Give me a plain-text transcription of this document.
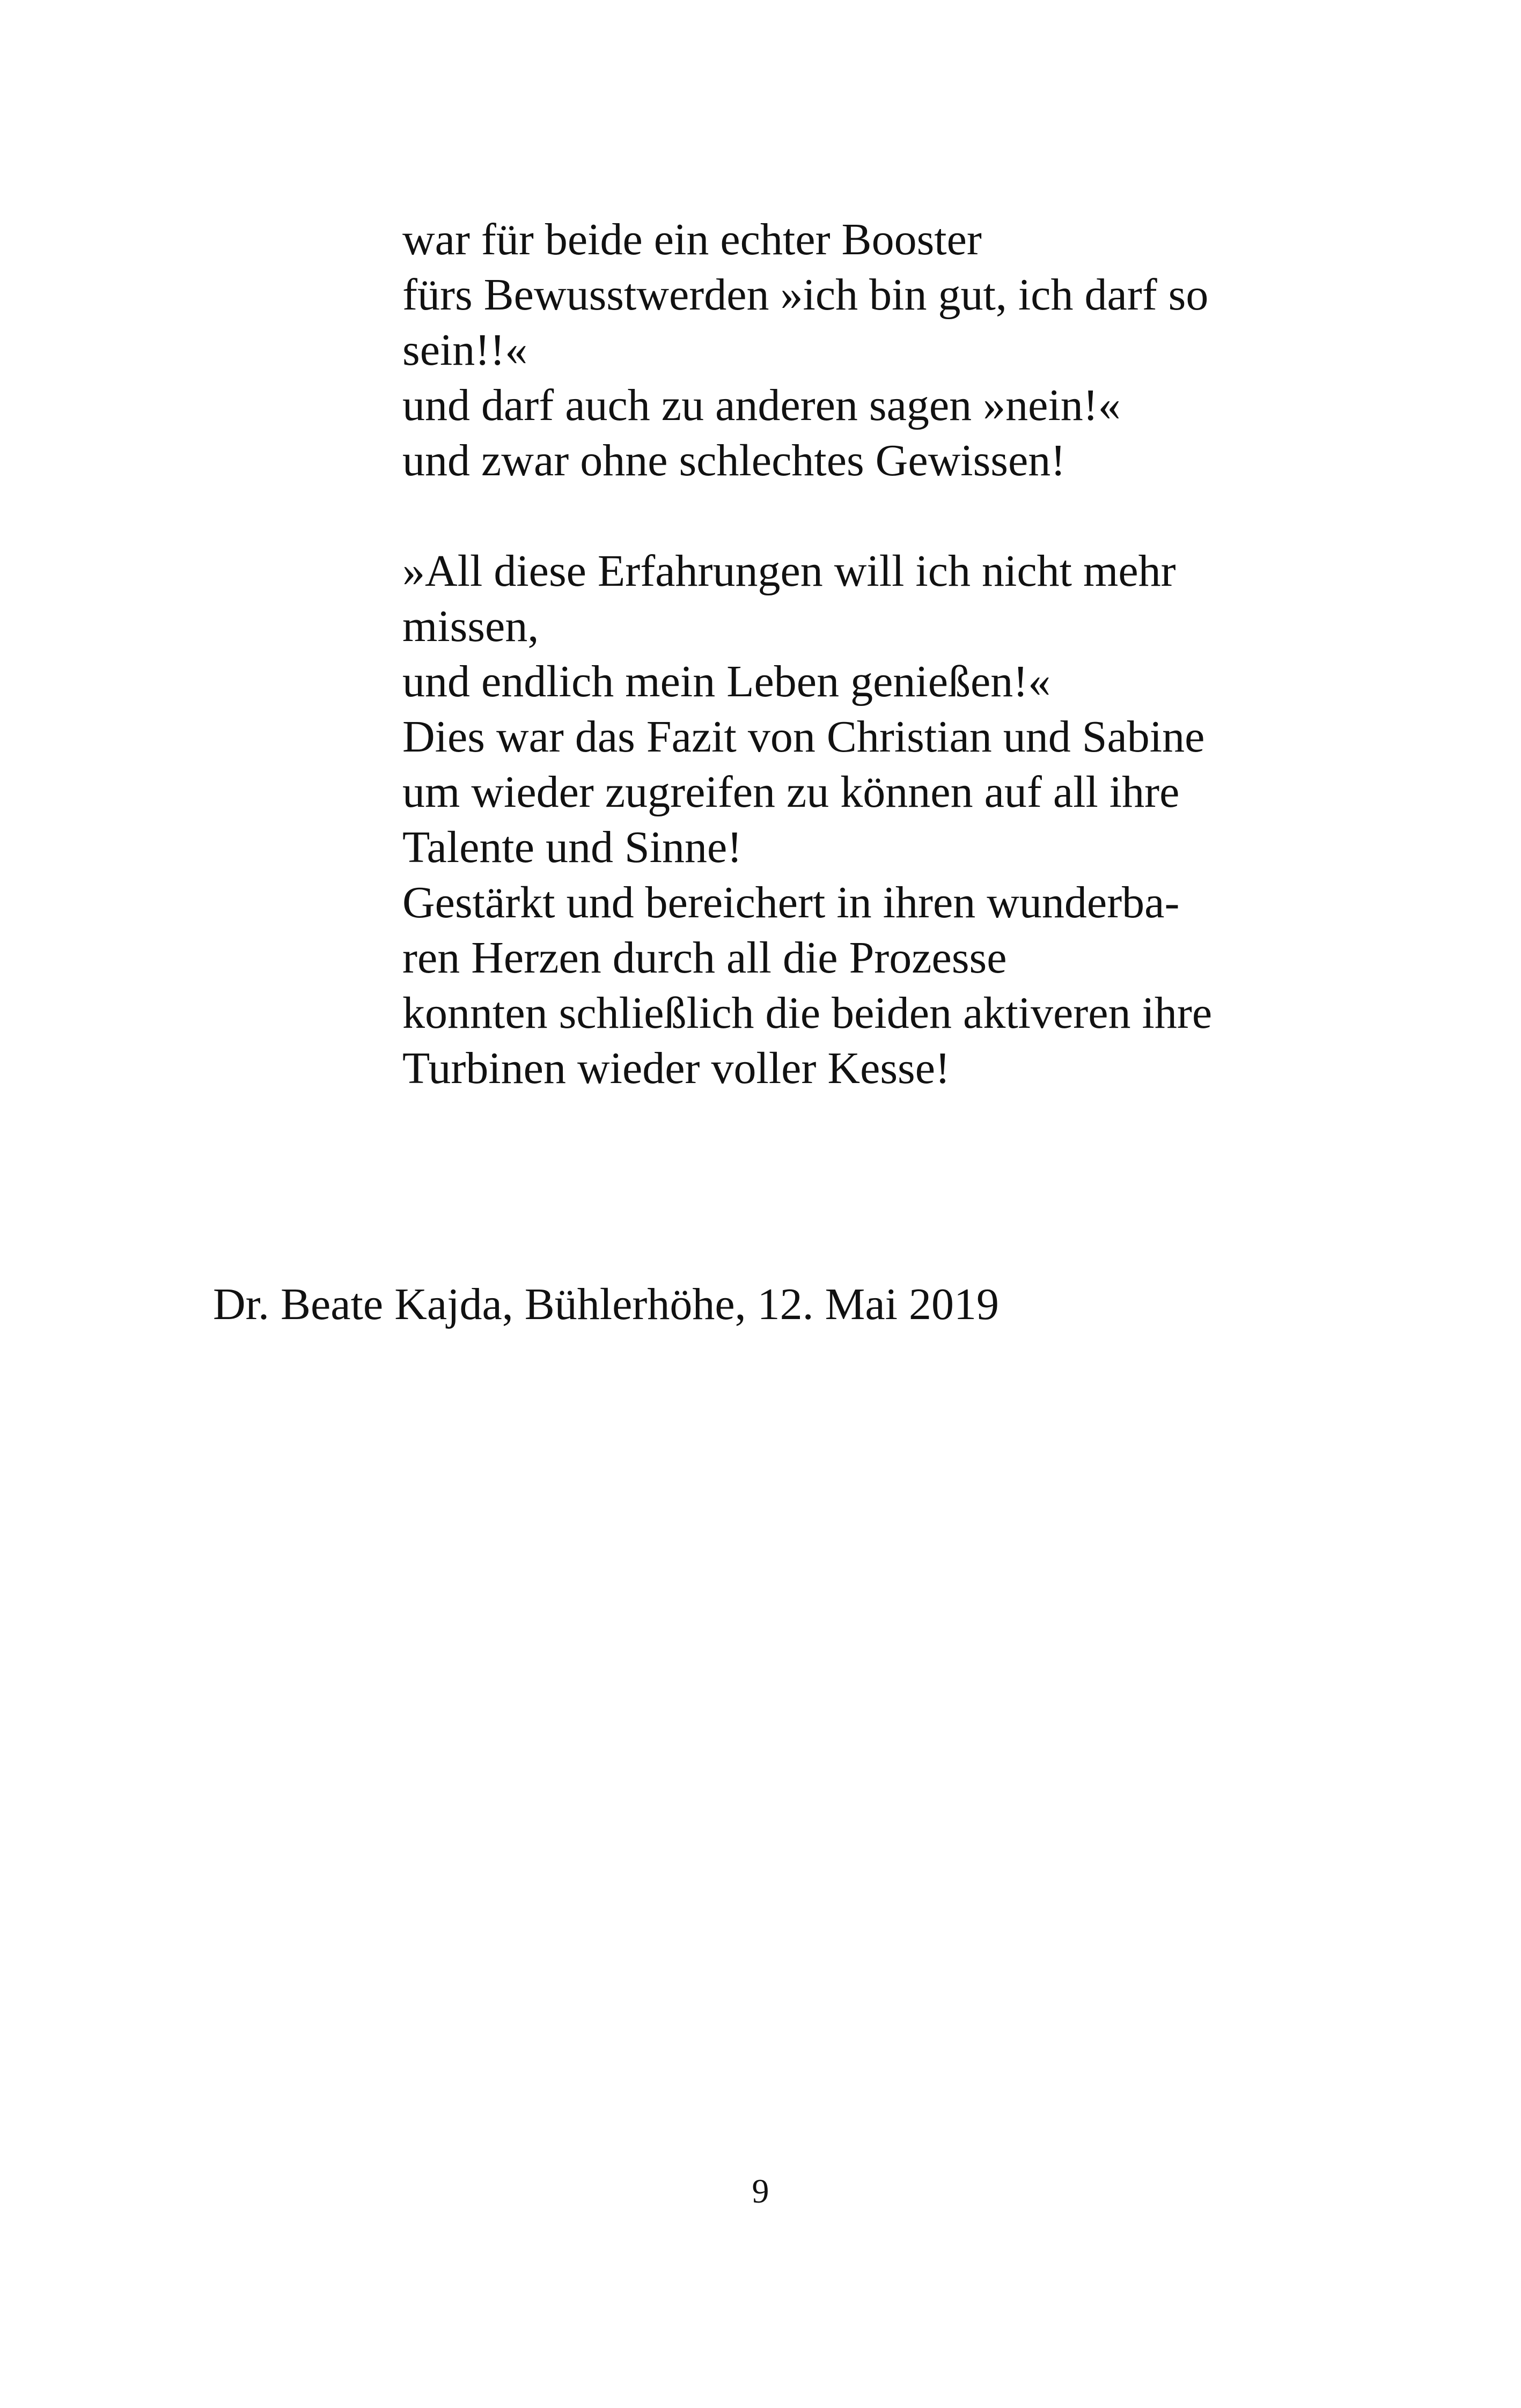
war für beide ein echter Booster
fürs Bewusstwerden »ich bin gut, ich darf so
sein!!«
und darf auch zu anderen sagen »nein!«
und zwar ohne schlechtes Gewissen!

»All diese Erfahrungen will ich nicht mehr
missen,
und endlich mein Leben genießen!«
Dies war das Fazit von Christian und Sabine
um wieder zugreifen zu können auf all ihre
Talente und Sinne!
Gestärkt und bereichert in ihren wunderba-
ren Herzen durch all die Prozesse
konnten schließlich die beiden aktiveren ihre
Turbinen wieder voller Kesse!

Dr. Beate Kajda, Bühlerhöhe, 12. Mai 2019
9
